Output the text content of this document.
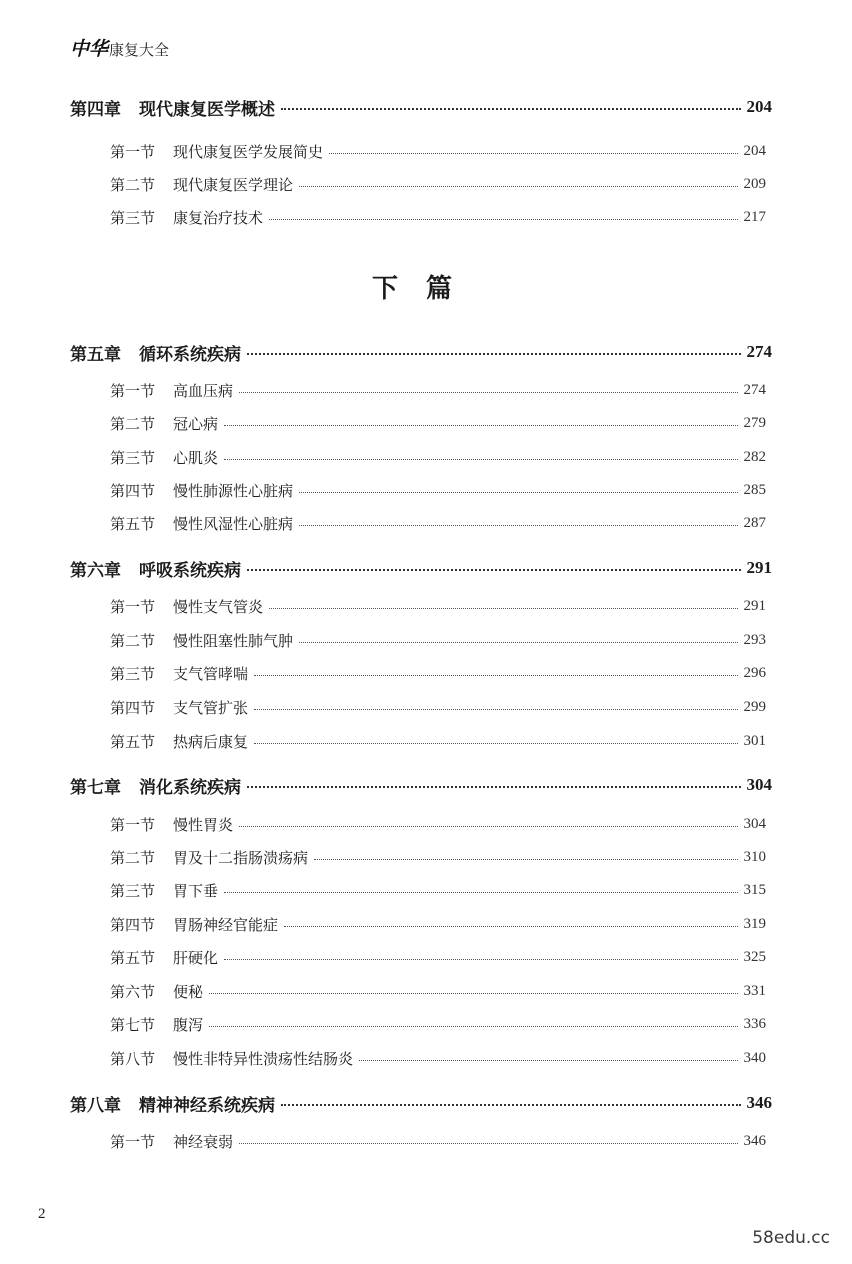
中华 康复大全
下篇
第四章 现代康复医学概述	204
第一节 现代康复医学发展简史	204
第二节 现代康复医学理论	209
第三节 康复治疗技术	217
第五章 循环系统疾病	274
第一节 高血压病	274
第二节 冠心病	279
第三节 心肌炎	282
第四节 慢性肺源性心脏病	285
第五节 慢性风湿性心脏病	287
第六章 呼吸系统疾病	291
第一节 慢性支气管炎	291
第二节 慢性阻塞性肺气肿	293
第三节 支气管哮喘	296
第四节 支气管扩张	299
第五节 热病后康复	301
第七章 消化系统疾病	304
第一节 慢性胃炎	304
第二节 胃及十二指肠溃疡病	310
第三节 胃下垂	315
第四节 胃肠神经官能症	319
第五节 肝硬化	325
第六节 便秘	331
第七节 腹泻	336
第八节 慢性非特异性溃疡性结肠炎	340
第八章 精神神经系统疾病	346
第一节 神经衰弱	346
2
58edu.cc
